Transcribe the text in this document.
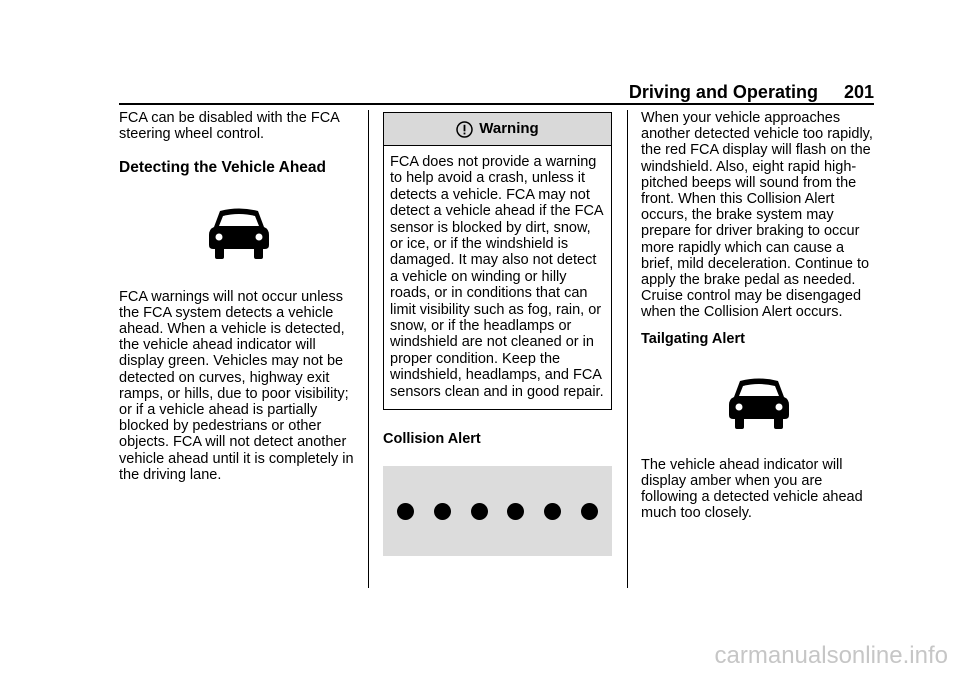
Driving and Operating 201

FCA can be disabled with the FCA steering wheel control.

Detecting the Vehicle Ahead

FCA warnings will not occur unless the FCA system detects a vehicle ahead. When a vehicle is detected, the vehicle ahead indicator will display green. Vehicles may not be detected on curves, highway exit ramps, or hills, due to poor visibility; or if a vehicle ahead is partially blocked by pedestrians or other objects. FCA will not detect another vehicle ahead until it is completely in the driving lane.

Warning
FCA does not provide a warning to help avoid a crash, unless it detects a vehicle. FCA may not detect a vehicle ahead if the FCA sensor is blocked by dirt, snow, or ice, or if the windshield is damaged. It may also not detect a vehicle on winding or hilly roads, or in conditions that can limit visibility such as fog, rain, or snow, or if the headlamps or windshield are not cleaned or in proper condition. Keep the windshield, headlamps, and FCA sensors clean and in good repair.

Collision Alert

When your vehicle approaches another detected vehicle too rapidly, the red FCA display will flash on the windshield. Also, eight rapid high-pitched beeps will sound from the front. When this Collision Alert occurs, the brake system may prepare for driver braking to occur more rapidly which can cause a brief, mild deceleration. Continue to apply the brake pedal as needed. Cruise control may be disengaged when the Collision Alert occurs.

Tailgating Alert

The vehicle ahead indicator will display amber when you are following a detected vehicle ahead much too closely.

carmanualsonline.info
